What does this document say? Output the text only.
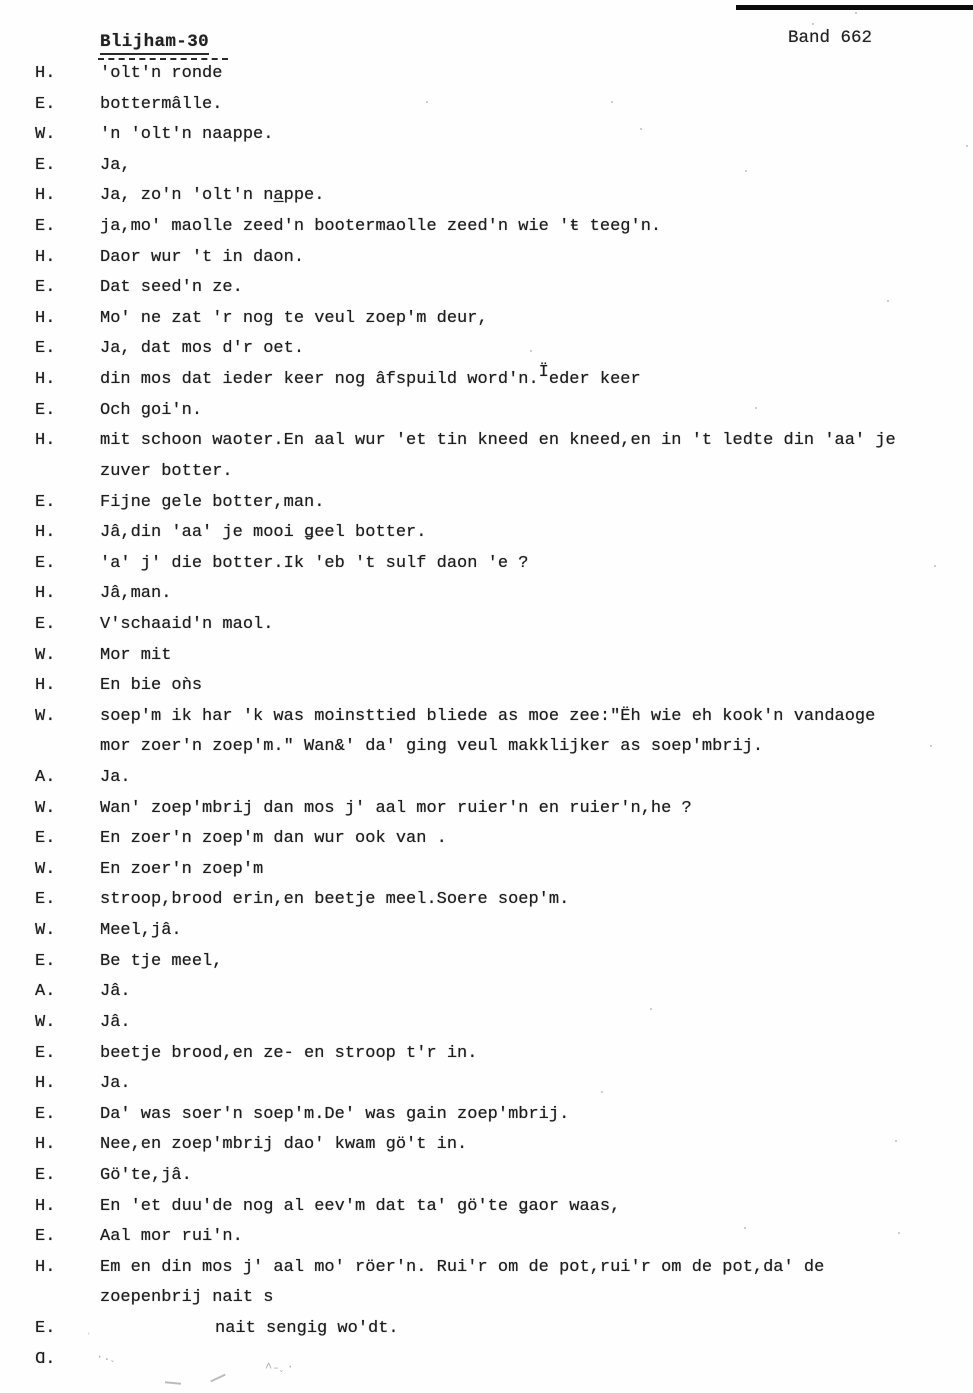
Blijham-30	Band 662
H.	'olt'n ronde
E.	bottermâlle.
W.	'n 'olt'n naappe.
E.	Ja,
H.	Ja, zo'n 'olt'n na̲ppe.
E.	ja,mo' maolle zeed'n bootermaolle zeed'n wie 'ŧ teeg'n.
H.	Daor wur 't in daon.
E.	Dat seed'n ze.
H.	Mo' ne zat 'r nog te veul zoep'm deur,
E.	Ja, dat mos d'r oet.
H.	din mos dat ieder keer nog âfspuild word'n.Ïeder keer
E.	Och goi'n.
H.	mit schoon waoter.En aal wur 'et tin kneed en kneed,en in 't ledte din 'aa' je
zuver botter.
E.	Fijne gele botter,man.
H.	Jâ,din 'aa' je mooi ǥeel botter.
E.	'a' j' die botter.Ik 'eb 't sulf daon 'e ?
H.	Jâ,man.
E.	V'schaaid'n maol.
W.	Mor mit
H.	En bie oǹs
W.	soep'm ik har 'k was moinsttied bliede as moe zee:"Ëh wie eh kook'n vandaoge
mor zoer'n zoep'm." Wan&' da' ging veul makklijker as soep'mbrij.
A.	Ja.
W.	Wan' zoep'mbrij dan mos j' aal mor ruier'n en ruier'n,he ?
E.	En zoer'n zoep'm dan wur ook van .
W.	En zoer'n zoep'm
E.	stroop,brood erin,en beetje meel.Soere soep'm.
W.	Meel,jâ.
E.	Be tje meel,
A.	Jâ.
W.	Jâ.
E.	beetje brood,en ze- en stroop t'r in.
H.	Ja.
E.	Da' was soer'n soep'm.De' was gain zoep'mbrij.
H.	Nee,en zoep'mbrij dao' kwam gö't in.
E.	Gö'te,jâ.
H.	En 'et duu'de nog al eev'm dat ta' gö'te ǥaor waas,
E.	Aal mor rui'n.
H.	Em en din mos j' aal mo' röer'n. Rui'r om de pot,rui'r om de pot,da' de
zoepenbrij nait s
E.	nait sengig wo'dt.
Ɑ.	·.˯
˄˗˯·
˒
